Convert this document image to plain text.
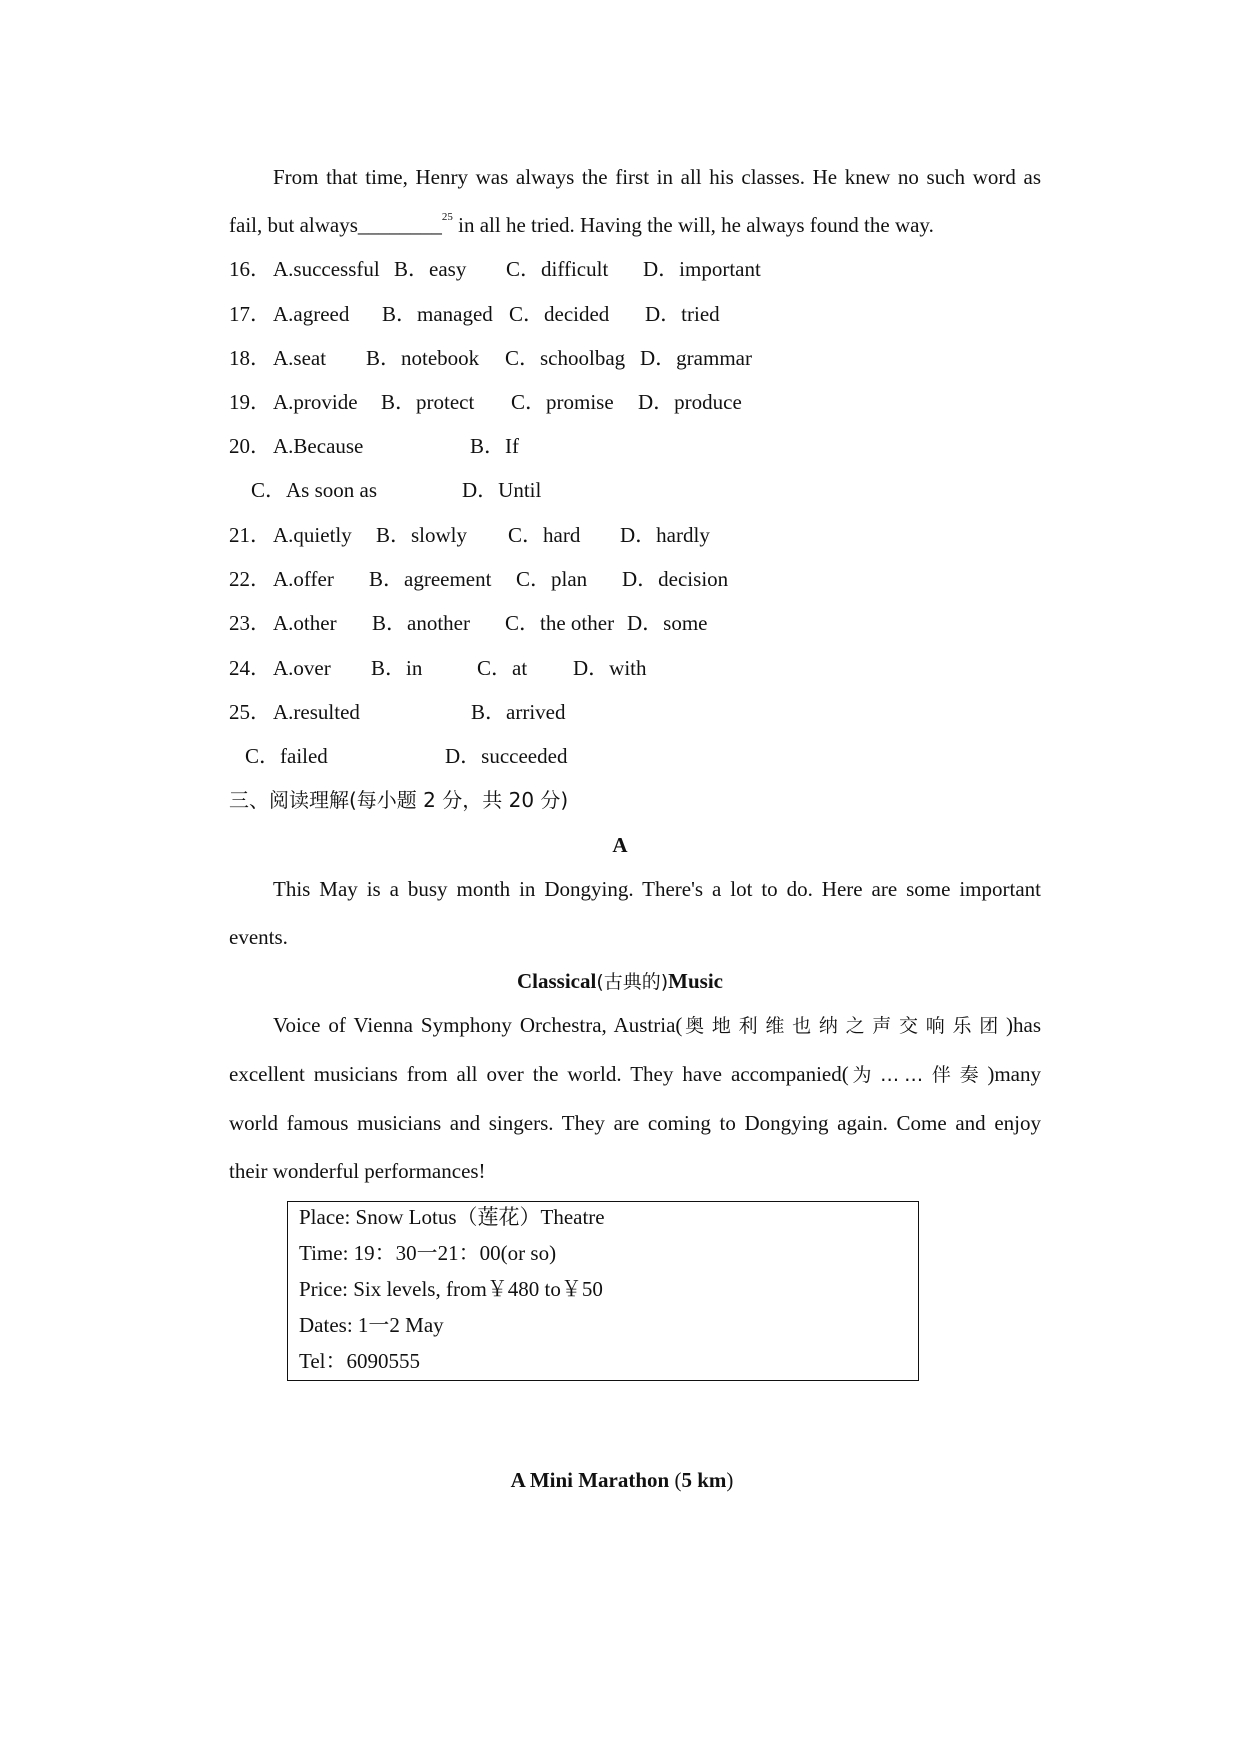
From that time, Henry was always the first in all his classes. He knew no such word as
fail, but always________$^{25}$ in all he tried. Having the will, he always found the way.
16． A.successful B．easy C．difficult D．important
17． A.agreed B．managed C．decided D．tried
18． A.seat B．notebook C．schoolbag D．grammar
19． A.provide B．protect C．promise D．produce
20． A.Because	B．If
C．As soon as	D．Until
21． A.quietly B．slowly C．hard D．hardly
22． A.offer B．agreement C．plan D．decision
23． A.other B．another C．the other D．some
24． A.over B．in	C．at D．with
25． A.resulted	B．arrived
C．failed	D．succeeded
三、阅读理解(每小题 2 分，共 20 分)
A
This May is a busy month in Dongying. There's a lot to do. Here are some important
events.
Classical(古典的)Music
Voice of Vienna Symphony Orchestra, Austria(奥地利维也纳之声交响乐团)has
excellent musicians from all over the world. They have accompanied(为……伴奏)many
world famous musicians and singers. They are coming to Dongying again. Come and enjoy
their wonderful performances!
Place: Snow Lotus（莲花）Theatre
Time: 19：30一21：00(or so)
Price: Six levels, from￥480 to￥50
Dates: 1一2 May
Tel：6090555
A Mini Marathon (5 km)
